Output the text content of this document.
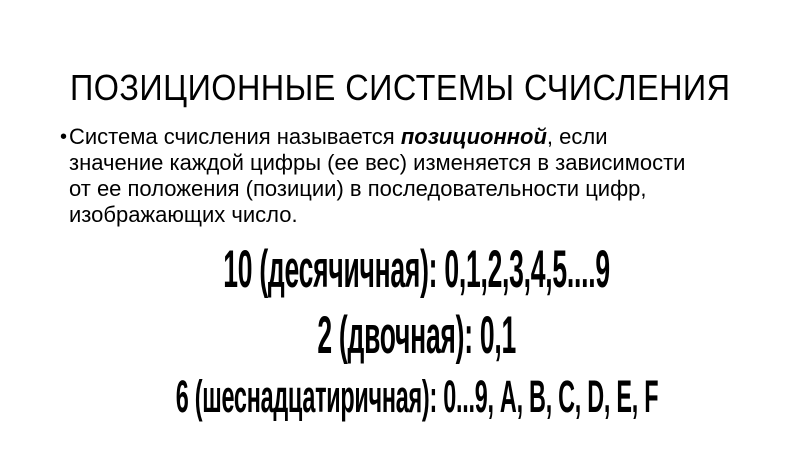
ПОЗИЦИОННЫЕ СИСТЕМЫ СЧИСЛЕНИЯ
• Система счисления называется позиционной, если
значение каждой цифры (ее вес) изменяется в зависимости
от ее положения (позиции) в последовательности цифр,
изображающих число.
10 (десячичная): 0,1,2,3,4,5....9
2 (двочная): 0,1
6 (шеснадцатиричная): 0...9, A, B, C, D, E, F
